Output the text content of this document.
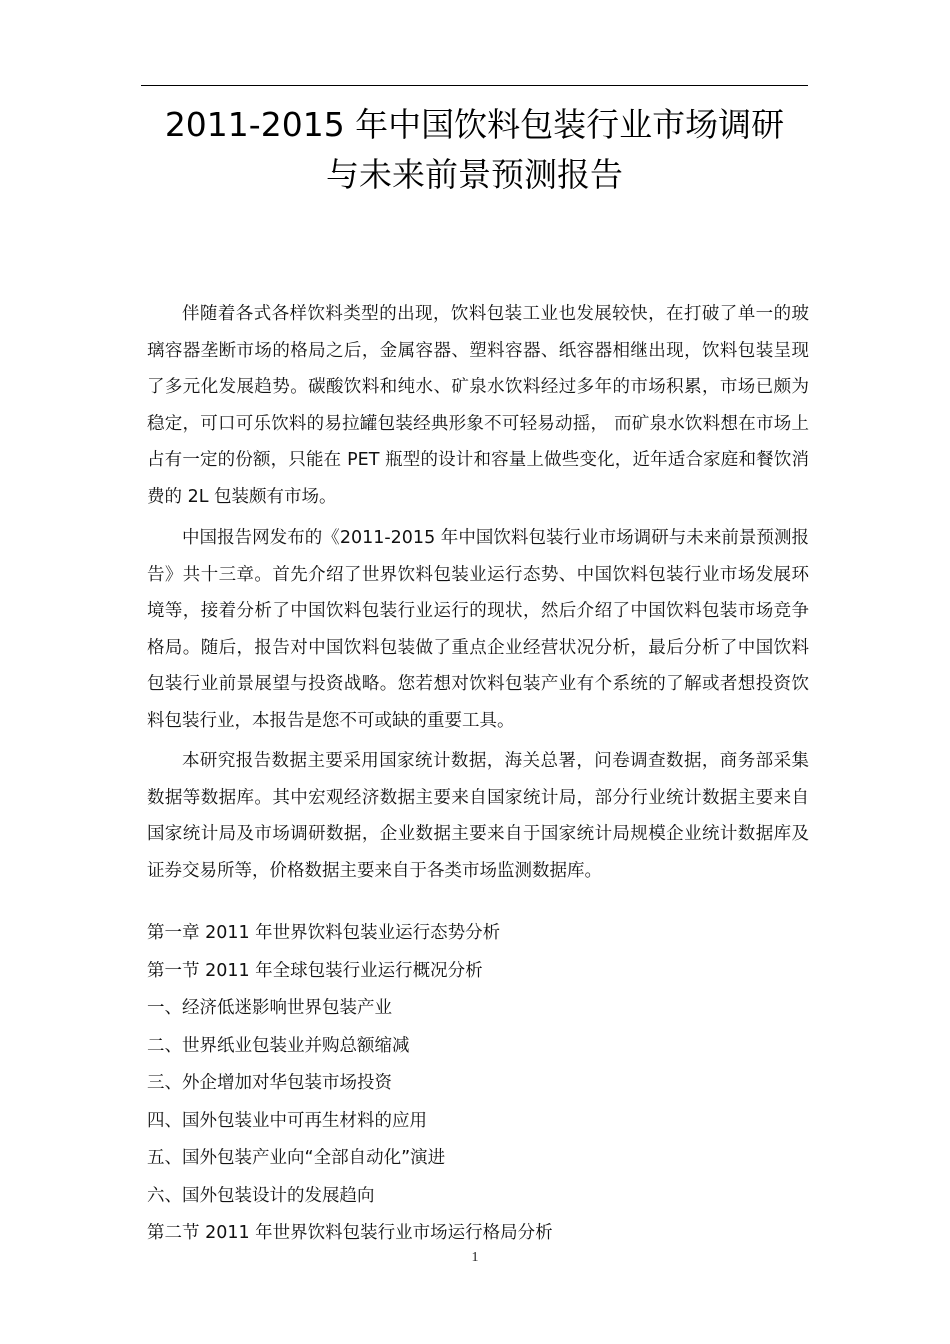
2011-2015 年中国饮料包装行业市场调研
与未来前景预测报告

伴随着各式各样饮料类型的出现，饮料包装工业也发展较快，在打破了单一的玻璃容器垄断市场的格局之后，金属容器、塑料容器、纸容器相继出现，饮料包装呈现了多元化发展趋势。碳酸饮料和纯水、矿泉水饮料经过多年的市场积累，市场已颇为稳定，可口可乐饮料的易拉罐包装经典形象不可轻易动摇， 而矿泉水饮料想在市场上占有一定的份额，只能在 PET 瓶型的设计和容量上做些变化，近年适合家庭和餐饮消费的 2L 包装颇有市场。

中国报告网发布的《2011-2015 年中国饮料包装行业市场调研与未来前景预测报告》共十三章。首先介绍了世界饮料包装业运行态势、中国饮料包装行业市场发展环境等，接着分析了中国饮料包装行业运行的现状，然后介绍了中国饮料包装市场竞争格局。随后，报告对中国饮料包装做了重点企业经营状况分析，最后分析了中国饮料包装行业前景展望与投资战略。您若想对饮料包装产业有个系统的了解或者想投资饮料包装行业，本报告是您不可或缺的重要工具。

本研究报告数据主要采用国家统计数据，海关总署，问卷调查数据，商务部采集数据等数据库。其中宏观经济数据主要来自国家统计局，部分行业统计数据主要来自国家统计局及市场调研数据，企业数据主要来自于国家统计局规模企业统计数据库及证券交易所等，价格数据主要来自于各类市场监测数据库。

第一章 2011 年世界饮料包装业运行态势分析
第一节 2011 年全球包装行业运行概况分析
一、经济低迷影响世界包装产业
二、世界纸业包装业并购总额缩减
三、外企增加对华包装市场投资
四、国外包装业中可再生材料的应用
五、国外包装产业向“全部自动化”演进
六、国外包装设计的发展趋向
第二节 2011 年世界饮料包装行业市场运行格局分析
1
